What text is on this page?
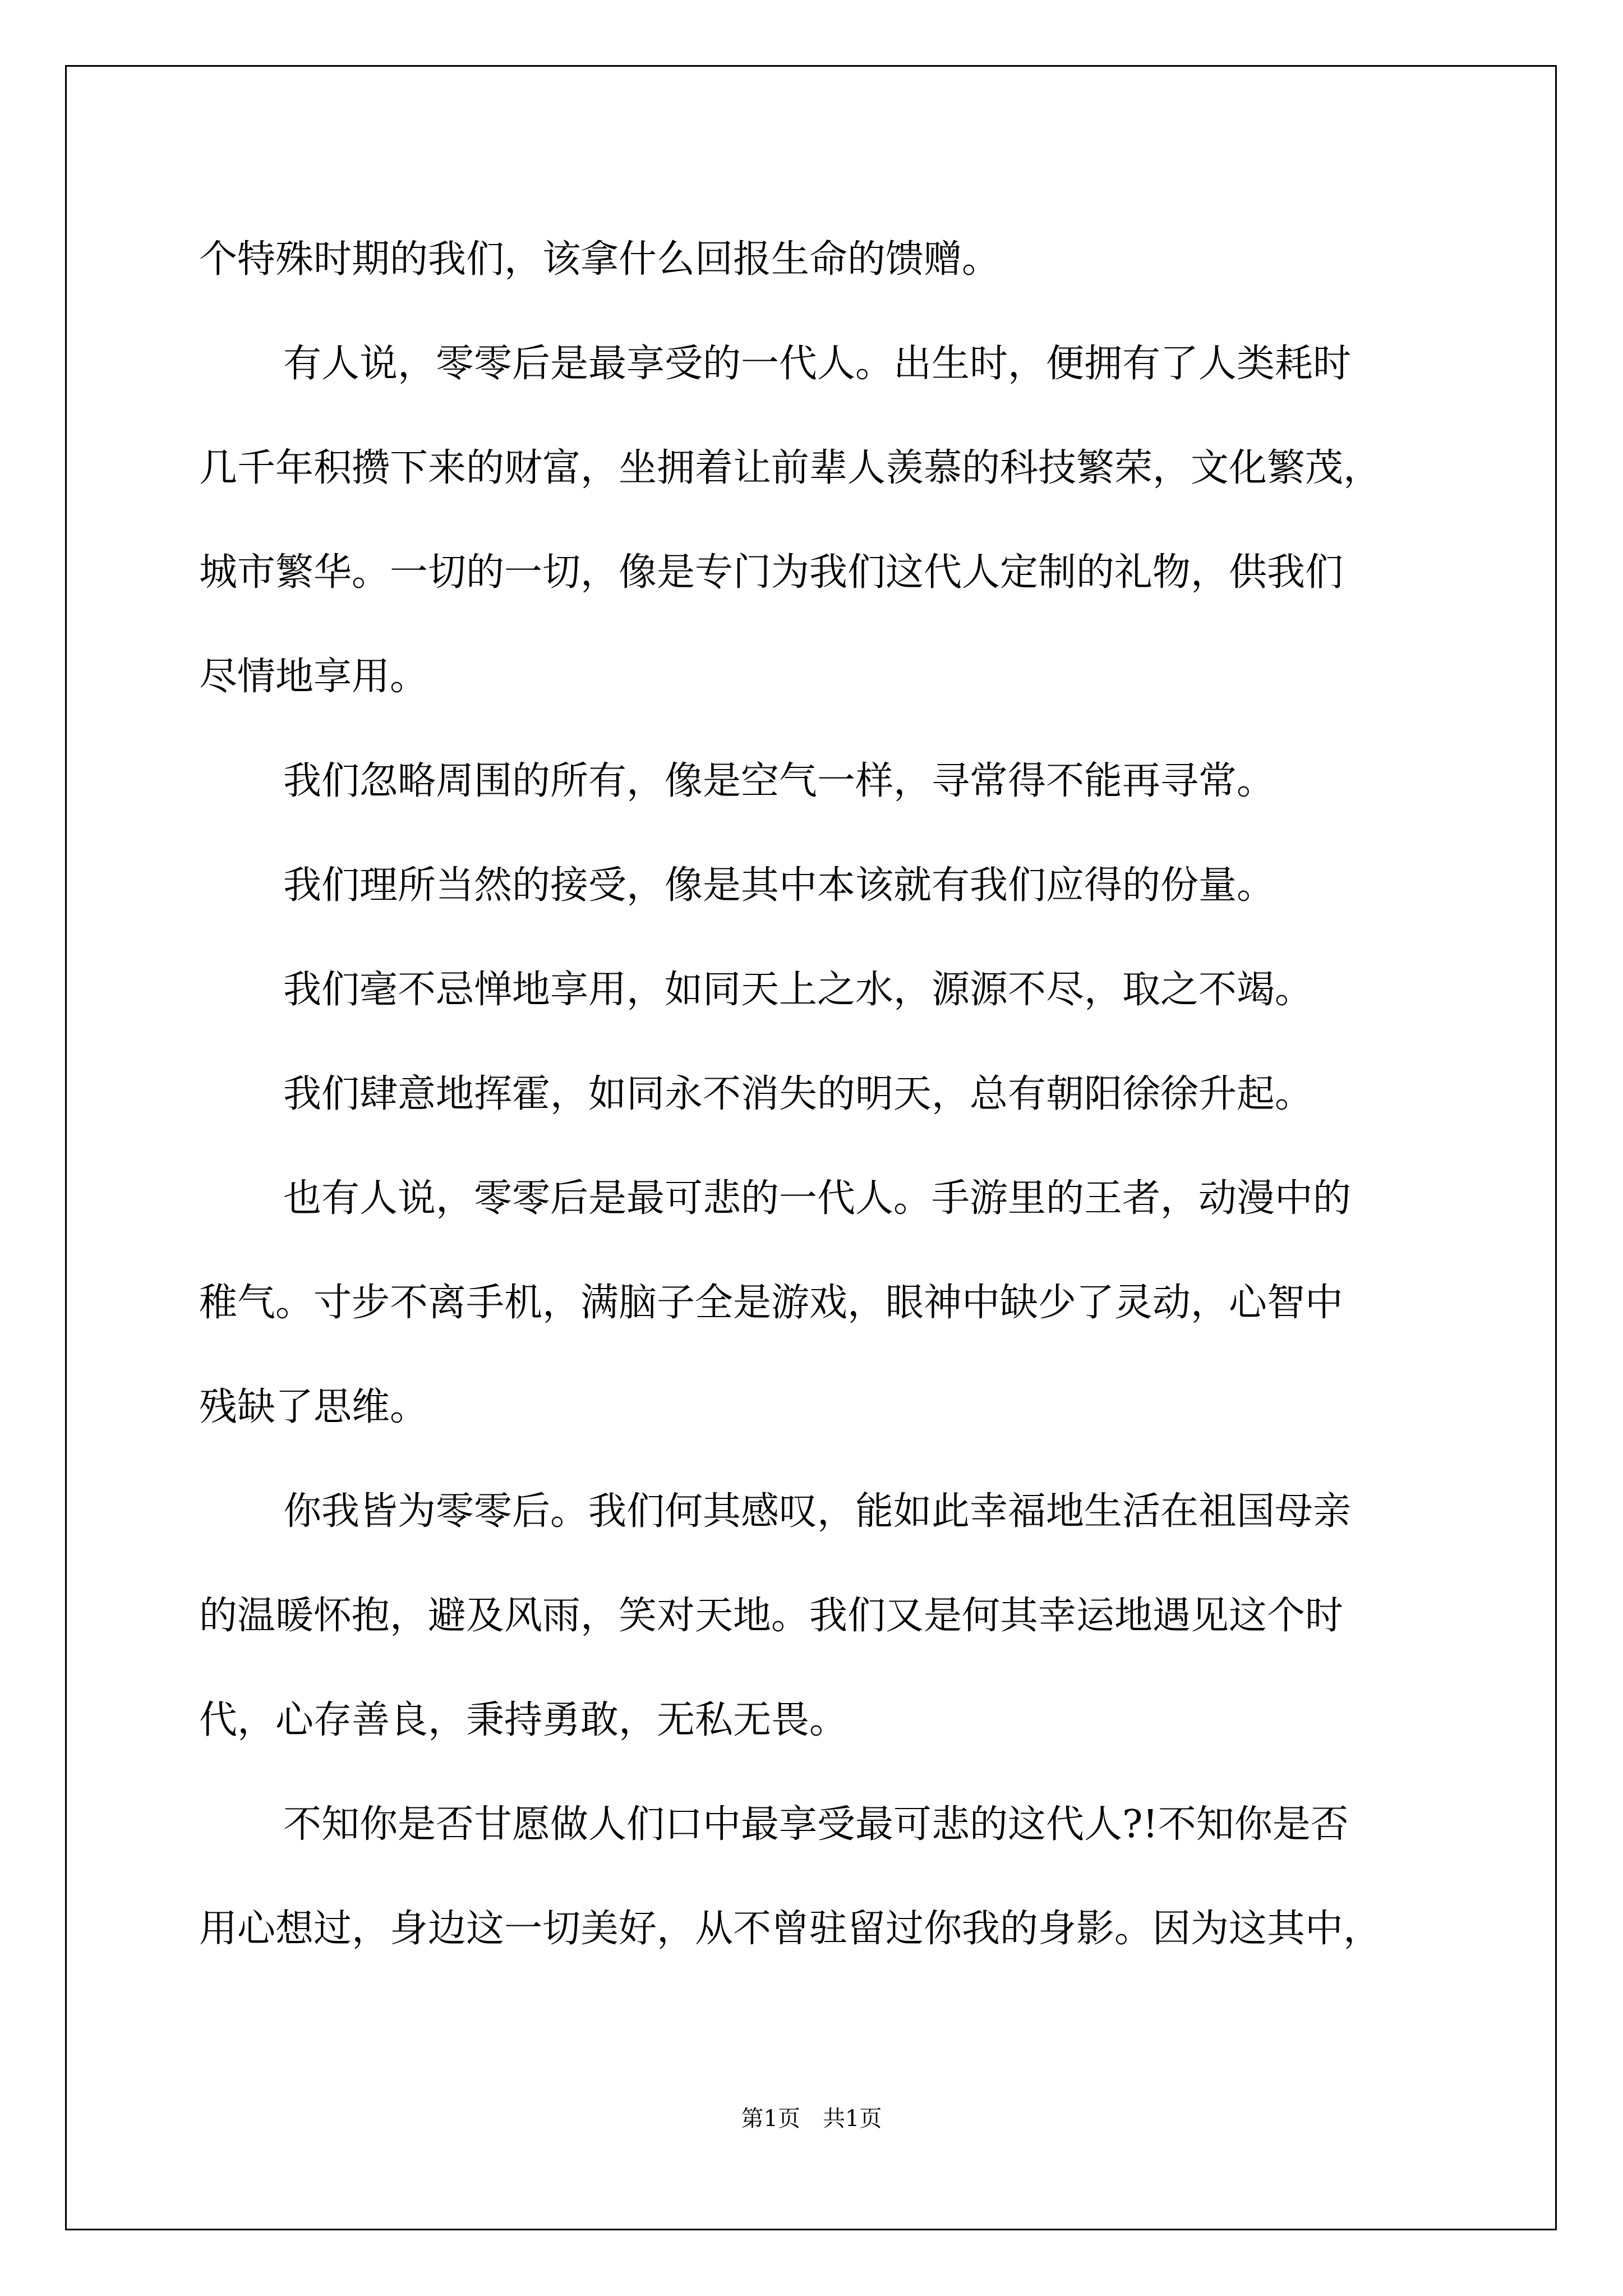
个特殊时期的我们，该拿什么回报生命的馈赠。
有人说，零零后是最享受的一代人。出生时，便拥有了人类耗时
几千年积攒下来的财富，坐拥着让前辈人羡慕的科技繁荣，文化繁茂，
城市繁华。一切的一切，像是专门为我们这代人定制的礼物，供我们
尽情地享用。
我们忽略周围的所有，像是空气一样，寻常得不能再寻常。
我们理所当然的接受，像是其中本该就有我们应得的份量。
我们毫不忌惮地享用，如同天上之水，源源不尽，取之不竭。
我们肆意地挥霍，如同永不消失的明天，总有朝阳徐徐升起。
也有人说，零零后是最可悲的一代人。手游里的王者，动漫中的
稚气。寸步不离手机，满脑子全是游戏，眼神中缺少了灵动，心智中
残缺了思维。
你我皆为零零后。我们何其感叹，能如此幸福地生活在祖国母亲
的温暖怀抱，避及风雨，笑对天地。我们又是何其幸运地遇见这个时
代，心存善良，秉持勇敢，无私无畏。
不知你是否甘愿做人们口中最享受最可悲的这代人?!不知你是否
用心想过，身边这一切美好，从不曾驻留过你我的身影。因为这其中，
第1页　共1页
